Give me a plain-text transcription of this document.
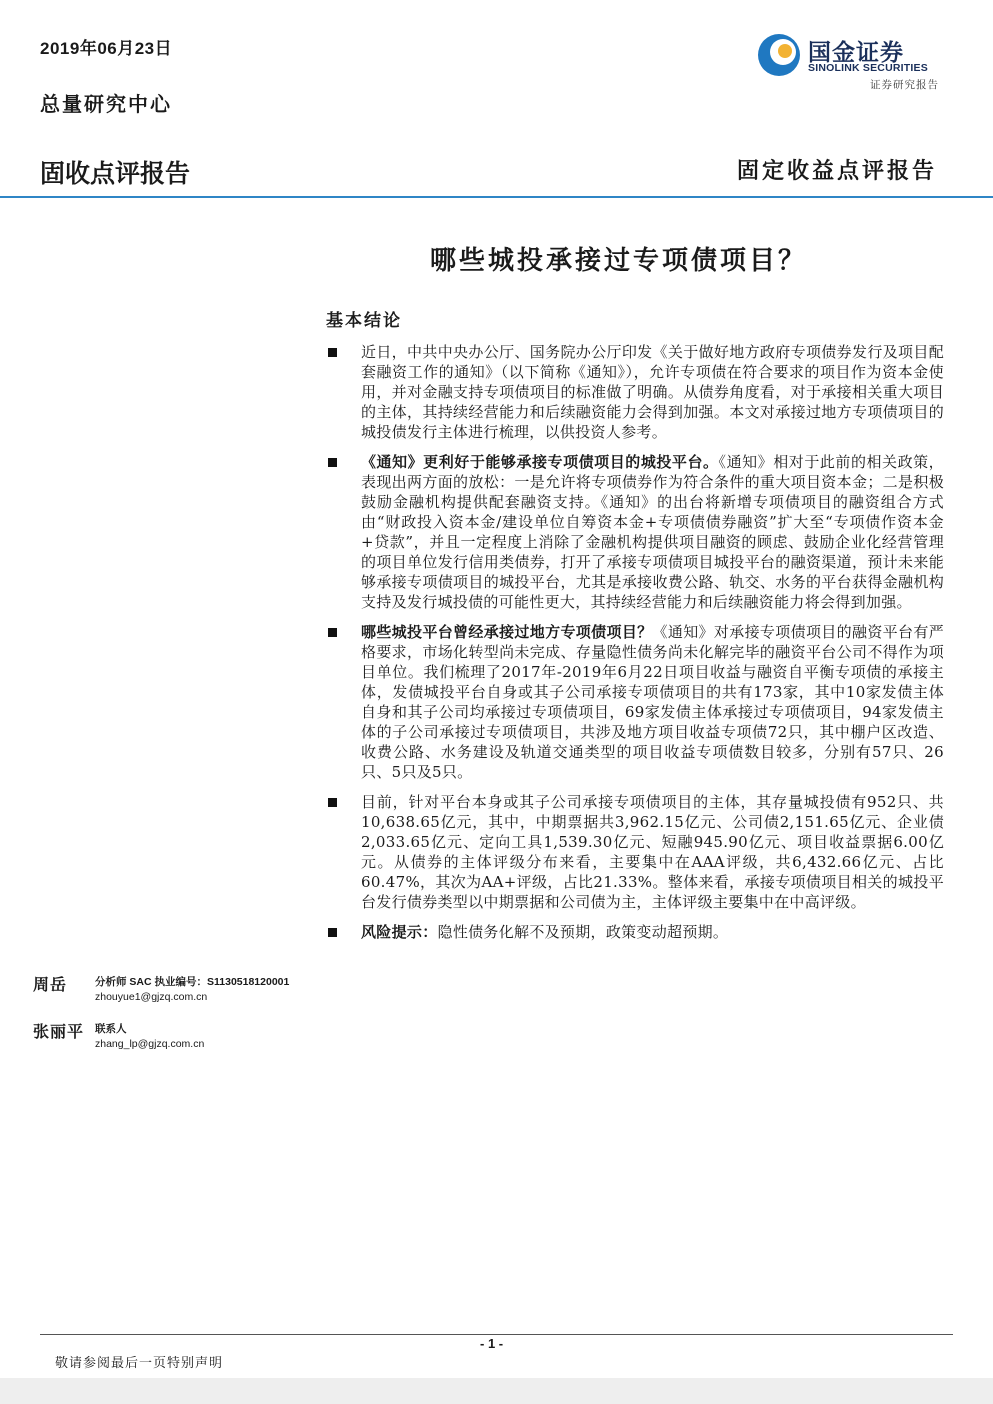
2019年06月23日
总量研究中心
国金证券
SINOLINK SECURITIES
证券研究报告
固收点评报告	固定收益点评报告
哪些城投承接过专项债项目？
基本结论
近日，中共中央办公厅、国务院办公厅印发《关于做好地方政府专项债券发行及项目配套融资工作的通知》（以下简称《通知》），允许专项债在符合要求的项目作为资本金使用，并对金融支持专项债项目的标准做了明确。从债券角度看，对于承接相关重大项目的主体，其持续经营能力和后续融资能力会得到加强。本文对承接过地方专项债项目的城投债发行主体进行梳理，以供投资人参考。
《通知》更利好于能够承接专项债项目的城投平台。《通知》相对于此前的相关政策，表现出两方面的放松：一是允许将专项债券作为符合条件的重大项目资本金；二是积极鼓励金融机构提供配套融资支持。《通知》的出台将新增专项债项目的融资组合方式由“财政投入资本金/建设单位自筹资本金+专项债债券融资”扩大至“专项债作资本金+贷款”，并且一定程度上消除了金融机构提供项目融资的顾虑、鼓励企业化经营管理的项目单位发行信用类债券，打开了承接专项债项目城投平台的融资渠道，预计未来能够承接专项债项目的城投平台，尤其是承接收费公路、轨交、水务的平台获得金融机构支持及发行城投债的可能性更大，其持续经营能力和后续融资能力将会得到加强。
哪些城投平台曾经承接过地方专项债项目？《通知》对承接专项债项目的融资平台有严格要求，市场化转型尚未完成、存量隐性债务尚未化解完毕的融资平台公司不得作为项目单位。我们梳理了2017年-2019年6月22日项目收益与融资自平衡专项债的承接主体，发债城投平台自身或其子公司承接专项债项目的共有173家，其中10家发债主体自身和其子公司均承接过专项债项目，69家发债主体承接过专项债项目，94家发债主体的子公司承接过专项债项目，共涉及地方项目收益专项债72只，其中棚户区改造、收费公路、水务建设及轨道交通类型的项目收益专项债数目较多，分别有57只、26只、5只及5只。
目前，针对平台本身或其子公司承接专项债项目的主体，其存量城投债有952只、共10,638.65亿元，其中，中期票据共3,962.15亿元、公司债2,151.65亿元、企业债2,033.65亿元、定向工具1,539.30亿元、短融945.90亿元、项目收益票据6.00亿元。从债券的主体评级分布来看，主要集中在AAA评级，共6,432.66亿元、占比60.47%，其次为AA+评级，占比21.33%。整体来看，承接专项债项目相关的城投平台发行债券类型以中期票据和公司债为主，主体评级主要集中在中高评级。
风险提示：隐性债务化解不及预期，政策变动超预期。
周岳	分析师 SAC 执业编号：S1130518120001
zhouyue1@gjzq.com.cn
张丽平 联系人
zhang_lp@gjzq.com.cn
- 1 -
敬请参阅最后一页特别声明
